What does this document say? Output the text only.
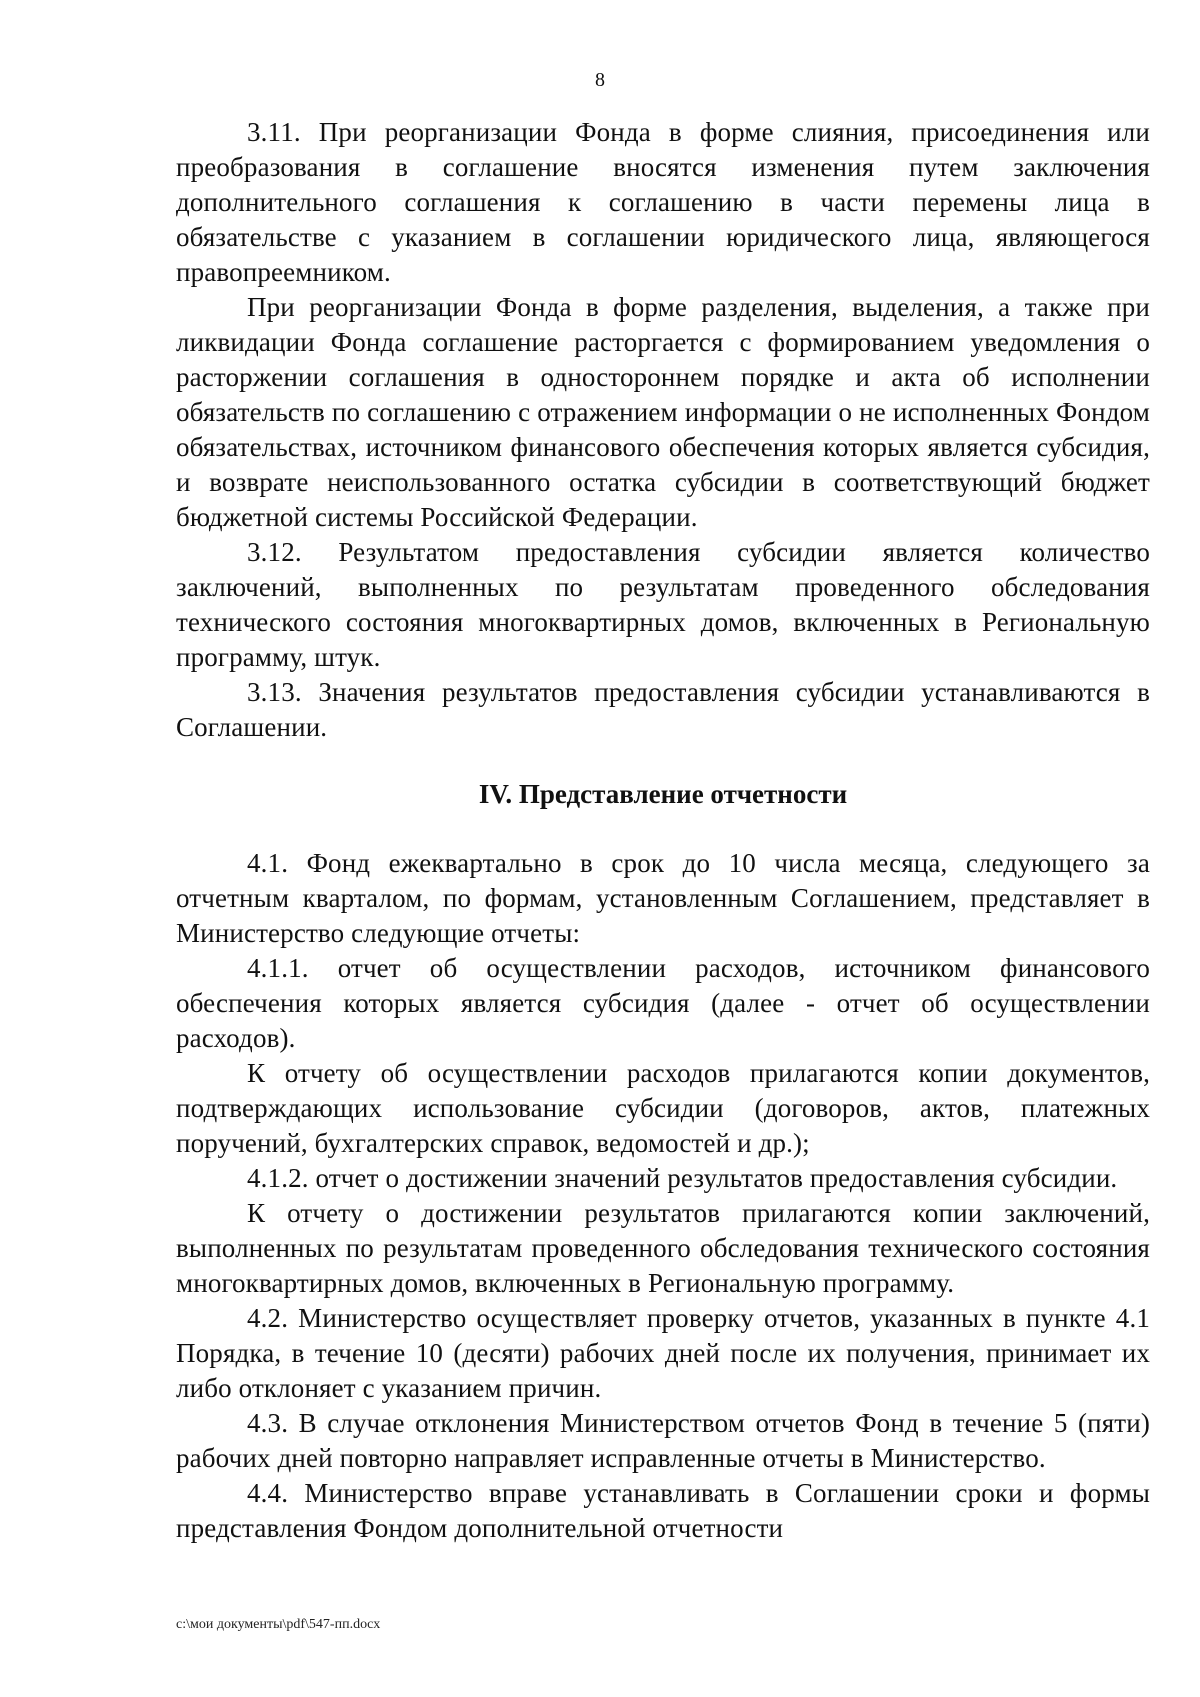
8

3.11. При реорганизации Фонда в форме слияния, присоединения или преобразования в соглашение вносятся изменения путем заключения дополнительного соглашения к соглашению в части перемены лица в обязательстве с указанием в соглашении юридического лица, являющегося правопреемником.

При реорганизации Фонда в форме разделения, выделения, а также при ликвидации Фонда соглашение расторгается с формированием уведомления о расторжении соглашения в одностороннем порядке и акта об исполнении обязательств по соглашению с отражением информации о не исполненных Фондом обязательствах, источником финансового обеспечения которых является субсидия, и возврате неиспользованного остатка субсидии в соответствующий бюджет бюджетной системы Российской Федерации.

3.12. Результатом предоставления субсидии является количество заключений, выполненных по результатам проведенного обследования технического состояния многоквартирных домов, включенных в Региональную программу, штук.

3.13. Значения результатов предоставления субсидии устанавливаются в Соглашении.

IV. Представление отчетности

4.1. Фонд ежеквартально в срок до 10 числа месяца, следующего за отчетным кварталом, по формам, установленным Соглашением, представляет в Министерство следующие отчеты:

4.1.1. отчет об осуществлении расходов, источником финансового обеспечения которых является субсидия (далее - отчет об осуществлении расходов).

К отчету об осуществлении расходов прилагаются копии документов, подтверждающих использование субсидии (договоров, актов, платежных поручений, бухгалтерских справок, ведомостей и др.);

4.1.2. отчет о достижении значений результатов предоставления субсидии.

К отчету о достижении результатов прилагаются копии заключений, выполненных по результатам проведенного обследования технического состояния многоквартирных домов, включенных в Региональную программу.

4.2. Министерство осуществляет проверку отчетов, указанных в пункте 4.1 Порядка, в течение 10 (десяти) рабочих дней после их получения, принимает их либо отклоняет с указанием причин.

4.3. В случае отклонения Министерством отчетов Фонд в течение 5 (пяти) рабочих дней повторно направляет исправленные отчеты в Министерство.

4.4. Министерство вправе устанавливать в Соглашении сроки и формы представления Фондом дополнительной отчетности

c:\мои документы\pdf\547-пп.docx
